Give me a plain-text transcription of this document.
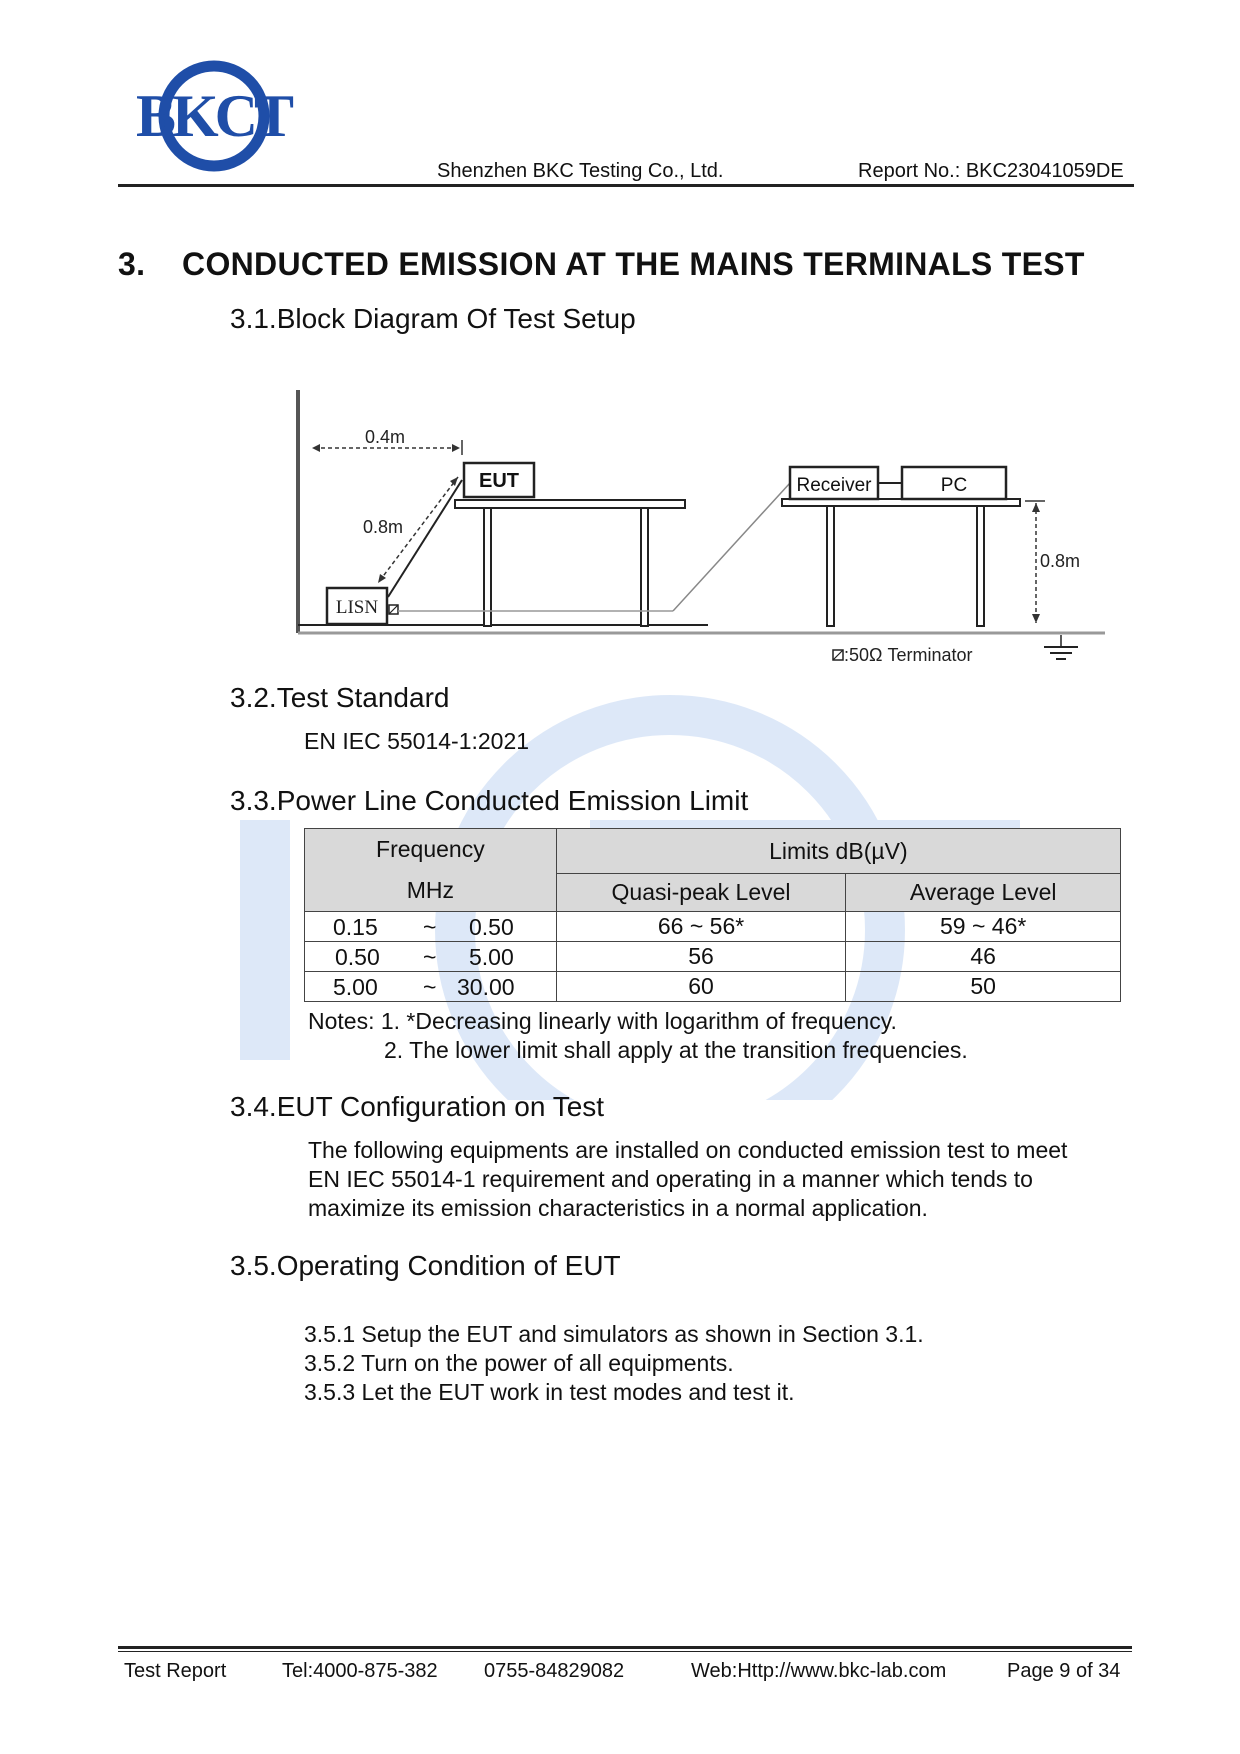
BKCT
Shenzhen BKC Testing Co., Ltd.	Report No.: BKC23041059DE
3.    CONDUCTED EMISSION AT THE MAINS TERMINALS TEST
3.1.Block Diagram Of Test Setup
0.4m
0.8m
EUT
LISN
Receiver	PC
0.8m
:50Ω Terminator
3.2.Test Standard
EN IEC 55014-1:2021
3.3.Power Line Conducted Emission Limit
Frequency
MHz	Limits dB(µV)	
	Quasi-peak Level	Average Level

0.15 ~ 0.50	66 ~ 56*	59 ~ 46*

0.50 ~ 5.00	56	46

5.00 ~ 30.00	60	50
Notes: 1. *Decreasing linearly with logarithm of frequency.
2. The lower limit shall apply at the transition frequencies.
3.4.EUT Configuration on Test
The following equipments are installed on conducted emission test to meet
EN IEC 55014-1 requirement and operating in a manner which tends to
maximize its emission characteristics in a normal application.
3.5.Operating Condition of EUT
3.5.1 Setup the EUT and simulators as shown in Section 3.1.
3.5.2 Turn on the power of all equipments.
3.5.3 Let the EUT work in test modes and test it.
Test Report	Tel:4000-875-382 0755-84829082	Web:Http://www.bkc-lab.com	Page 9 of 34
